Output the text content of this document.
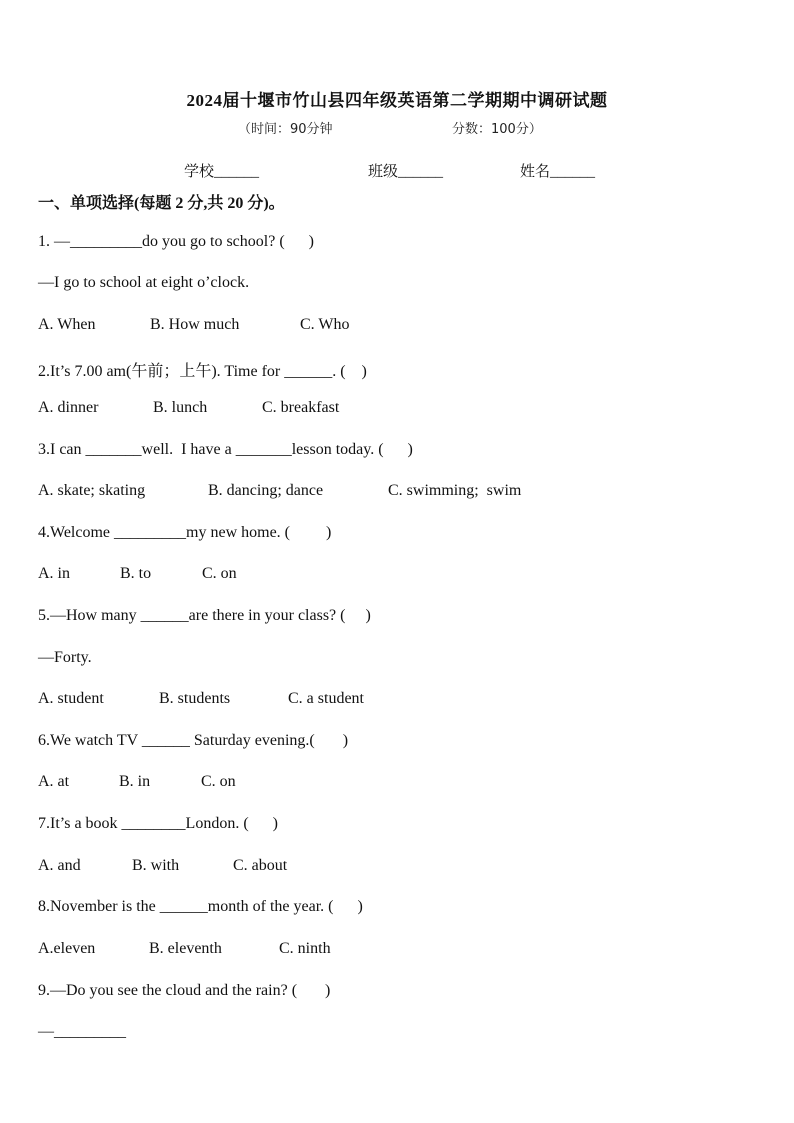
2024届十堰市竹山县四年级英语第二学期期中调研试题
（时间：90分钟	分数：100分）
学校______	班级______	姓名______
一、单项选择(每题 2 分,共 20 分)。
1. —_________do you go to school? (      )
—I go to school at eight o’clock.
A. When	B. How much	C. Who
2.It’s 7.00 am(午前；上午). Time for ______. (    )
A. dinner	B. lunch	C. breakfast
3.I can _______well.  I have a _______lesson today. (      )
A. skate; skating	B. dancing; dance	C. swimming;  swim
4.Welcome _________my new home. (         )
A. in	B. to	C. on
5.—How many ______are there in your class? (     )
—Forty.
A. student	B. students	C. a student
6.We watch TV ______ Saturday evening.(       )
A. at	B. in	C. on
7.It’s a book ________London. (      )
A. and	B. with	C. about
8.November is the ______month of the year. (      )
A.eleven	B. eleventh	C. ninth
9.—Do you see the cloud and the rain? (       )
—_________
